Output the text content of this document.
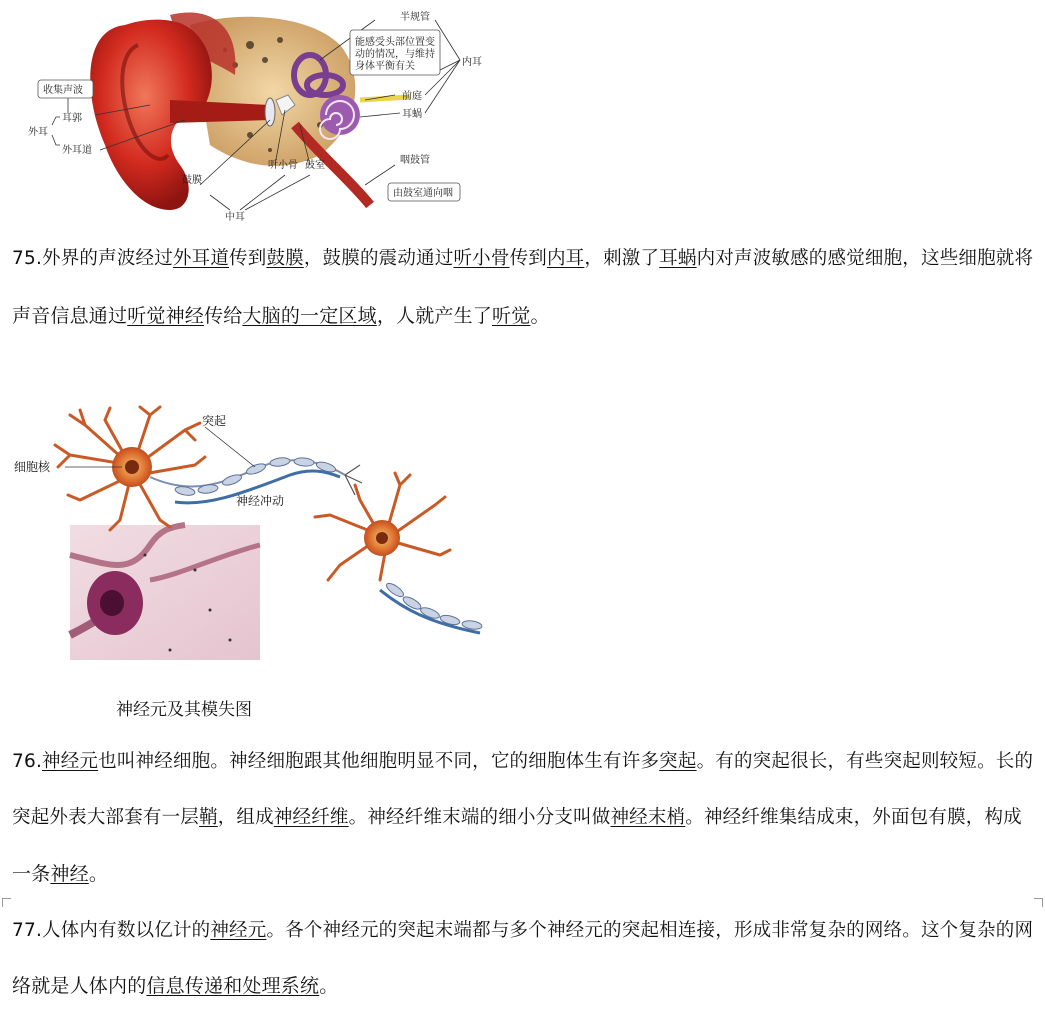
半规管
能感受头部位置变
动的情况，与维持
身体平衡有关	内耳
前庭
耳蜗
收集声波
外耳
耳郭
外耳道
听小骨 鼓室
鼓膜
中耳
咽鼓管
由鼓室通向咽
75.外界的声波经过外耳道传到鼓膜，鼓膜的震动通过听小骨传到内耳，刺激了耳蜗内对声波敏感的感觉细胞，这些细胞就将
声音信息通过听觉神经传给大脑的一定区域，人就产生了听觉。
突起
细胞核
神经冲动
神经元及其模失图
76.神经元也叫神经细胞。神经细胞跟其他细胞明显不同，它的细胞体生有许多突起。有的突起很长，有些突起则较短。长的
突起外表大部套有一层鞘，组成神经纤维。神经纤维末端的细小分支叫做神经末梢。神经纤维集结成束，外面包有膜，构成
一条神经。
77.人体内有数以亿计的神经元。各个神经元的突起末端都与多个神经元的突起相连接，形成非常复杂的网络。这个复杂的网
络就是人体内的信息传递和处理系统。
